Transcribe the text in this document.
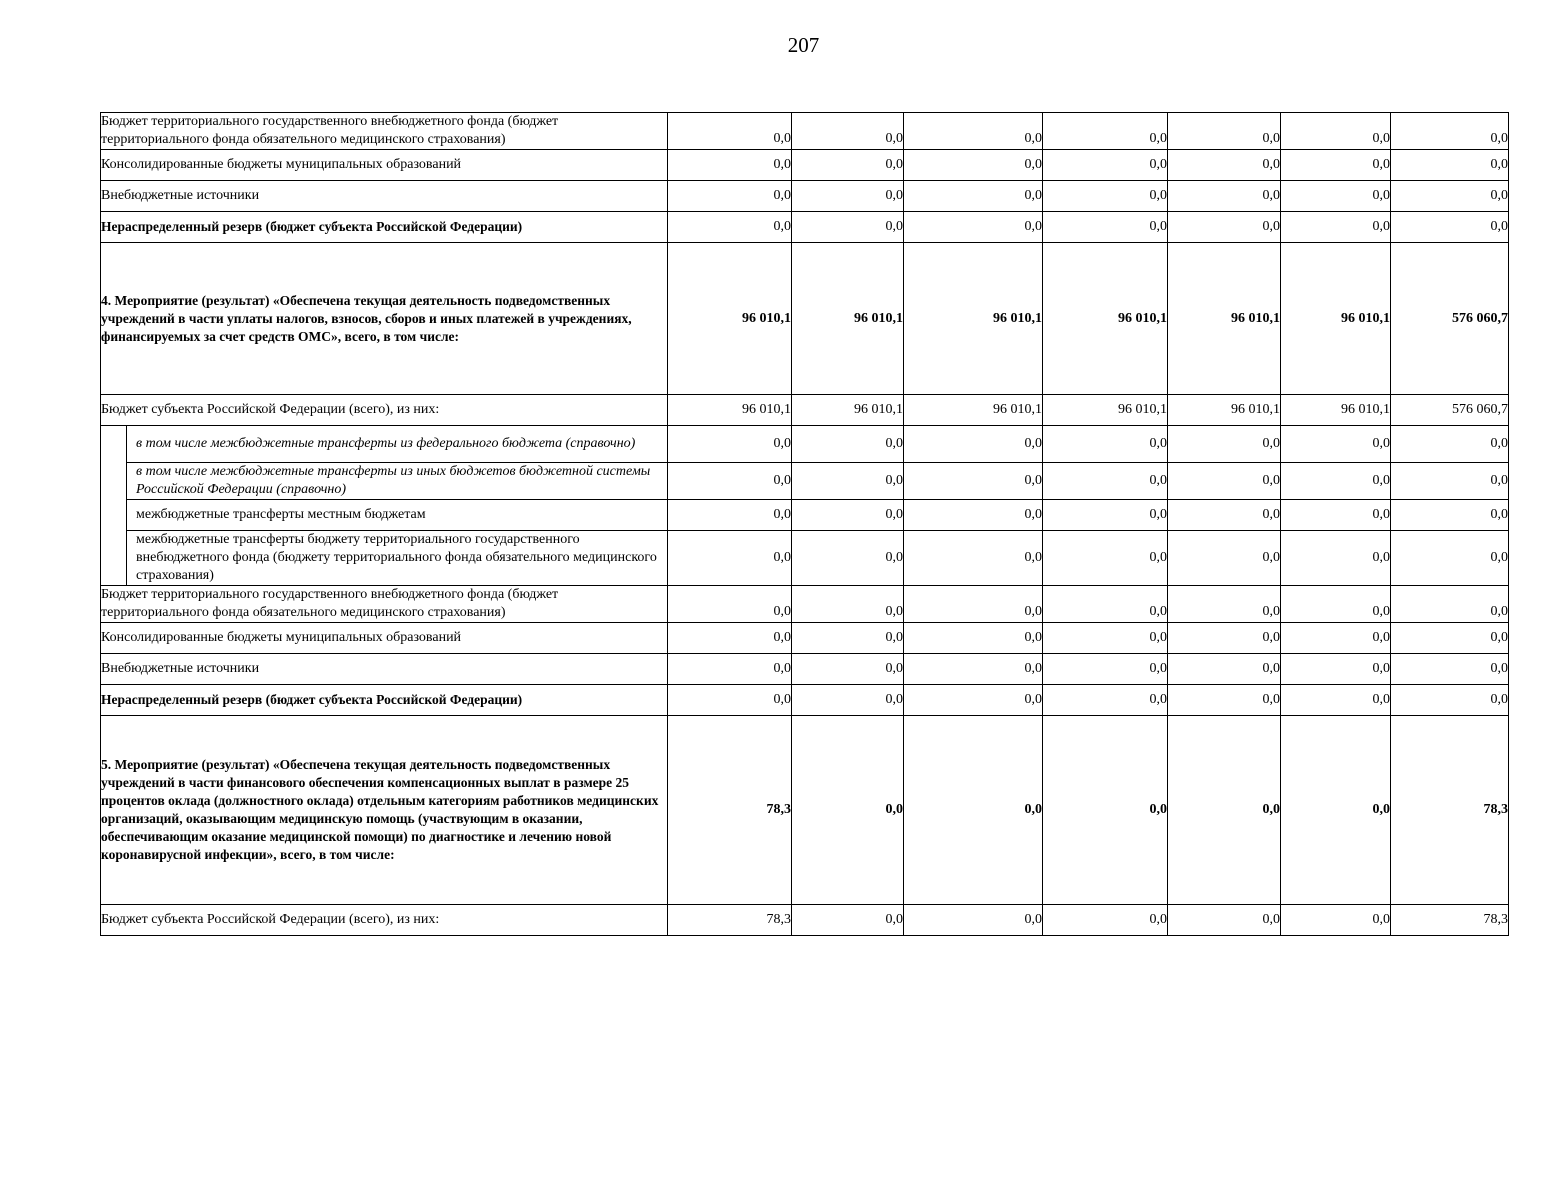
207
Бюджет территориального государственного внебюджетного фонда (бюджет территориального фонда обязательного медицинского страхования)		0,0	0,0	0,0	0,0	0,0	0,0	0,0
Консолидированные бюджеты муниципальных образований		0,0	0,0	0,0	0,0	0,0	0,0	0,0
Внебюджетные источники		0,0	0,0	0,0	0,0	0,0	0,0	0,0
Нераспределенный резерв (бюджет субъекта Российской Федерации)		0,0	0,0	0,0	0,0	0,0	0,0	0,0
4. Мероприятие (результат) «Обеспечена текущая деятельность подведомственных учреждений в части уплаты налогов, взносов, сборов и иных платежей в учреждениях, финансируемых за счет средств ОМС», всего, в том числе:		96 010,1	96 010,1	96 010,1	96 010,1	96 010,1	96 010,1	576 060,7
Бюджет субъекта Российской Федерации (всего), из них:		96 010,1	96 010,1	96 010,1	96 010,1	96 010,1	96 010,1	576 060,7
	в том числе межбюджетные трансферты из федерального бюджета (справочно)	0,0	0,0	0,0	0,0	0,0	0,0	0,0
	в том числе межбюджетные трансферты из иных бюджетов бюджетной системы Российской Федерации (справочно)	0,0	0,0	0,0	0,0	0,0	0,0	0,0
	межбюджетные трансферты местным бюджетам	0,0	0,0	0,0	0,0	0,0	0,0	0,0
	межбюджетные трансферты бюджету территориального государственного внебюджетного фонда (бюджету территориального фонда обязательного медицинского страхования)	0,0	0,0	0,0	0,0	0,0	0,0	0,0
Бюджет территориального государственного внебюджетного фонда (бюджет территориального фонда обязательного медицинского страхования)		0,0	0,0	0,0	0,0	0,0	0,0	0,0
Консолидированные бюджеты муниципальных образований		0,0	0,0	0,0	0,0	0,0	0,0	0,0
Внебюджетные источники		0,0	0,0	0,0	0,0	0,0	0,0	0,0
Нераспределенный резерв (бюджет субъекта Российской Федерации)		0,0	0,0	0,0	0,0	0,0	0,0	0,0
5. Мероприятие (результат) «Обеспечена текущая деятельность подведомственных учреждений в части финансового обеспечения компенсационных выплат в размере 25 процентов оклада (должностного оклада) отдельным категориям работников медицинских организаций, оказывающим медицинскую помощь (участвующим в оказании, обеспечивающим оказание медицинской помощи) по диагностике и лечению новой коронавирусной инфекции», всего, в том числе:		78,3	0,0	0,0	0,0	0,0	0,0	78,3
Бюджет субъекта Российской Федерации (всего), из них:		78,3	0,0	0,0	0,0	0,0	0,0	78,3
